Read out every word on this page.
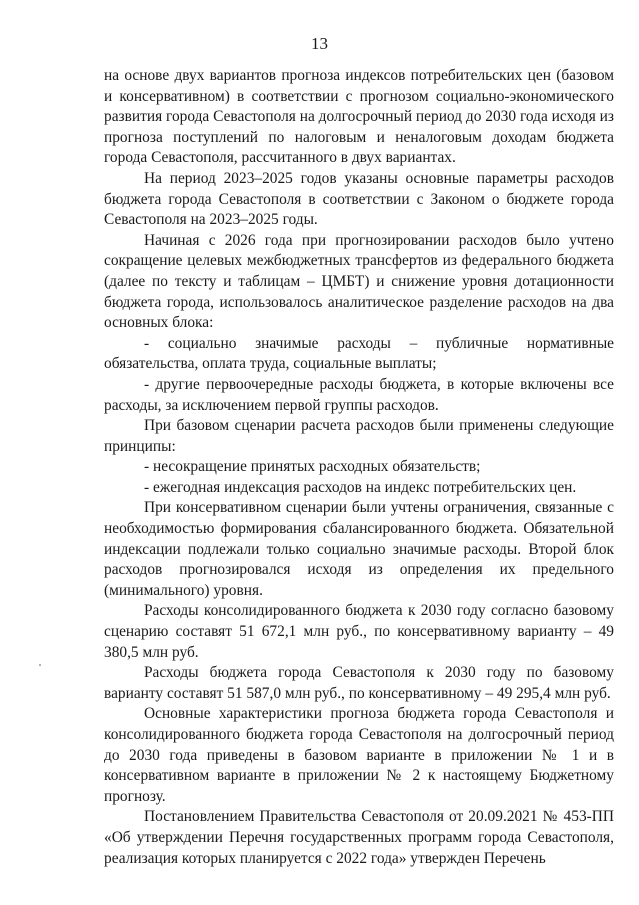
13

на основе двух вариантов прогноза индексов потребительских цен (базовом и консервативном) в соответствии с прогнозом социально-экономического развития города Севастополя на долгосрочный период до 2030 года исходя из прогноза поступлений по налоговым и неналоговым доходам бюджета города Севастополя, рассчитанного в двух вариантах.

На период 2023–2025 годов указаны основные параметры расходов бюджета города Севастополя в соответствии с Законом о бюджете города Севастополя на 2023–2025 годы.

Начиная с 2026 года при прогнозировании расходов было учтено сокращение целевых межбюджетных трансфертов из федерального бюджета (далее по тексту и таблицам – ЦМБТ) и снижение уровня дотационности бюджета города, использовалось аналитическое разделение расходов на два основных блока:

- социально значимые расходы – публичные нормативные обязательства, оплата труда, социальные выплаты;

- другие первоочередные расходы бюджета, в которые включены все расходы, за исключением первой группы расходов.

При базовом сценарии расчета расходов были применены следующие принципы:

- несокращение принятых расходных обязательств;

- ежегодная индексация расходов на индекс потребительских цен.

При консервативном сценарии были учтены ограничения, связанные с необходимостью формирования сбалансированного бюджета. Обязательной индексации подлежали только социально значимые расходы. Второй блок расходов прогнозировался исходя из определения их предельного (минимального) уровня.

Расходы консолидированного бюджета к 2030 году согласно базовому сценарию составят 51 672,1 млн руб., по консервативному варианту – 49 380,5 млн руб.

Расходы бюджета города Севастополя к 2030 году по базовому варианту составят 51 587,0 млн руб., по консервативному – 49 295,4 млн руб.

Основные характеристики прогноза бюджета города Севастополя и консолидированного бюджета города Севастополя на долгосрочный период до 2030 года приведены в базовом варианте в приложении № 1 и в консервативном варианте в приложении № 2 к настоящему Бюджетному прогнозу.

Постановлением Правительства Севастополя от 20.09.2021 № 453-ПП «Об утверждении Перечня государственных программ города Севастополя, реализация которых планируется с 2022 года» утвержден Перечень
